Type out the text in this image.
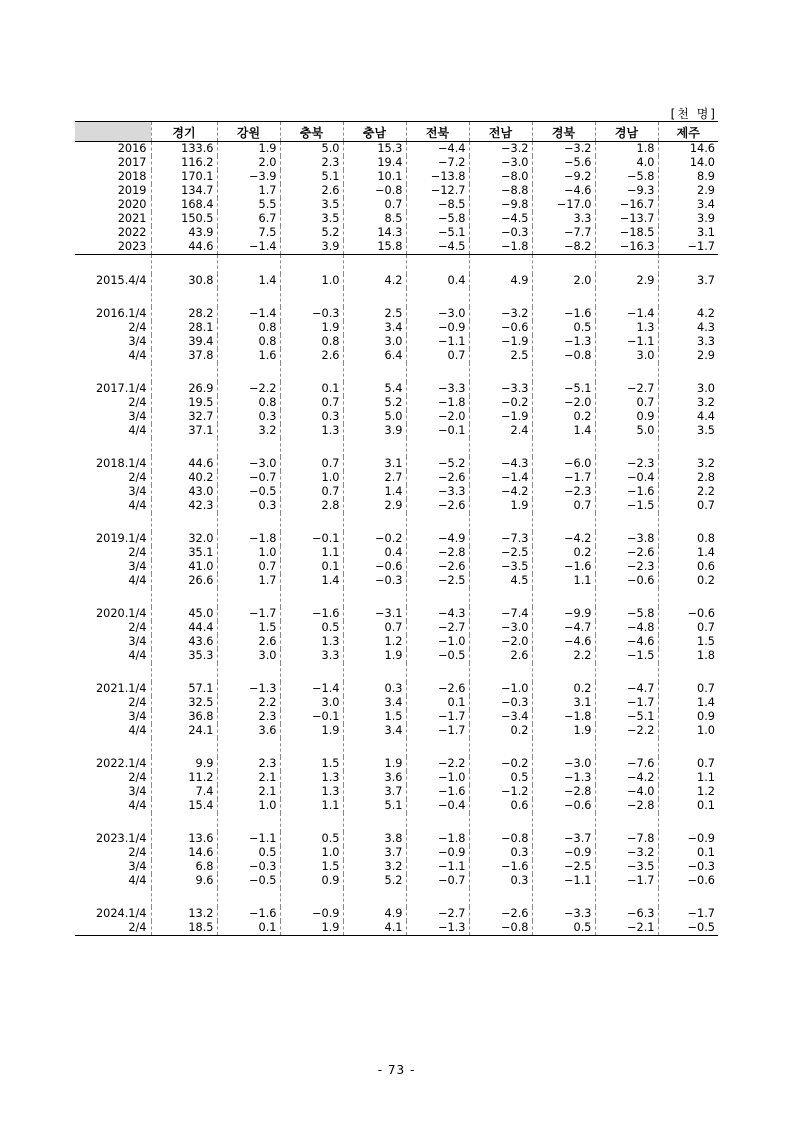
[천 명]
	경기	강원	충북	충남	전북	전남	경북	경남	제주
2016	133.6	1.9	5.0	15.3	−4.4	−3.2	−3.2	1.8	14.6
2017	116.2	2.0	2.3	19.4	−7.2	−3.0	−5.6	4.0	14.0
2018	170.1	−3.9	5.1	10.1	−13.8	−8.0	−9.2	−5.8	8.9
2019	134.7	1.7	2.6	−0.8	−12.7	−8.8	−4.6	−9.3	2.9
2020	168.4	5.5	3.5	0.7	−8.5	−9.8	−17.0	−16.7	3.4
2021	150.5	6.7	3.5	8.5	−5.8	−4.5	3.3	−13.7	3.9
2022	43.9	7.5	5.2	14.3	−5.1	−0.3	−7.7	−18.5	3.1
2023	44.6	−1.4	3.9	15.8	−4.5	−1.8	−8.2	−16.3	−1.7

2015.4/4	30.8	1.4	1.0	4.2	0.4	4.9	2.0	2.9	3.7

2016.1/4	28.2	−1.4	−0.3	2.5	−3.0	−3.2	−1.6	−1.4	4.2
2/4	28.1	0.8	1.9	3.4	−0.9	−0.6	0.5	1.3	4.3
3/4	39.4	0.8	0.8	3.0	−1.1	−1.9	−1.3	−1.1	3.3
4/4	37.8	1.6	2.6	6.4	0.7	2.5	−0.8	3.0	2.9

2017.1/4	26.9	−2.2	0.1	5.4	−3.3	−3.3	−5.1	−2.7	3.0
2/4	19.5	0.8	0.7	5.2	−1.8	−0.2	−2.0	0.7	3.2
3/4	32.7	0.3	0.3	5.0	−2.0	−1.9	0.2	0.9	4.4
4/4	37.1	3.2	1.3	3.9	−0.1	2.4	1.4	5.0	3.5

2018.1/4	44.6	−3.0	0.7	3.1	−5.2	−4.3	−6.0	−2.3	3.2
2/4	40.2	−0.7	1.0	2.7	−2.6	−1.4	−1.7	−0.4	2.8
3/4	43.0	−0.5	0.7	1.4	−3.3	−4.2	−2.3	−1.6	2.2
4/4	42.3	0.3	2.8	2.9	−2.6	1.9	0.7	−1.5	0.7

2019.1/4	32.0	−1.8	−0.1	−0.2	−4.9	−7.3	−4.2	−3.8	0.8
2/4	35.1	1.0	1.1	0.4	−2.8	−2.5	0.2	−2.6	1.4
3/4	41.0	0.7	0.1	−0.6	−2.6	−3.5	−1.6	−2.3	0.6
4/4	26.6	1.7	1.4	−0.3	−2.5	4.5	1.1	−0.6	0.2

2020.1/4	45.0	−1.7	−1.6	−3.1	−4.3	−7.4	−9.9	−5.8	−0.6
2/4	44.4	1.5	0.5	0.7	−2.7	−3.0	−4.7	−4.8	0.7
3/4	43.6	2.6	1.3	1.2	−1.0	−2.0	−4.6	−4.6	1.5
4/4	35.3	3.0	3.3	1.9	−0.5	2.6	2.2	−1.5	1.8

2021.1/4	57.1	−1.3	−1.4	0.3	−2.6	−1.0	0.2	−4.7	0.7
2/4	32.5	2.2	3.0	3.4	0.1	−0.3	3.1	−1.7	1.4
3/4	36.8	2.3	−0.1	1.5	−1.7	−3.4	−1.8	−5.1	0.9
4/4	24.1	3.6	1.9	3.4	−1.7	0.2	1.9	−2.2	1.0

2022.1/4	9.9	2.3	1.5	1.9	−2.2	−0.2	−3.0	−7.6	0.7
2/4	11.2	2.1	1.3	3.6	−1.0	0.5	−1.3	−4.2	1.1
3/4	7.4	2.1	1.3	3.7	−1.6	−1.2	−2.8	−4.0	1.2
4/4	15.4	1.0	1.1	5.1	−0.4	0.6	−0.6	−2.8	0.1

2023.1/4	13.6	−1.1	0.5	3.8	−1.8	−0.8	−3.7	−7.8	−0.9
2/4	14.6	0.5	1.0	3.7	−0.9	0.3	−0.9	−3.2	0.1
3/4	6.8	−0.3	1.5	3.2	−1.1	−1.6	−2.5	−3.5	−0.3
4/4	9.6	−0.5	0.9	5.2	−0.7	0.3	−1.1	−1.7	−0.6

2024.1/4	13.2	−1.6	−0.9	4.9	−2.7	−2.6	−3.3	−6.3	−1.7
2/4	18.5	0.1	1.9	4.1	−1.3	−0.8	0.5	−2.1	−0.5
- 73 -
